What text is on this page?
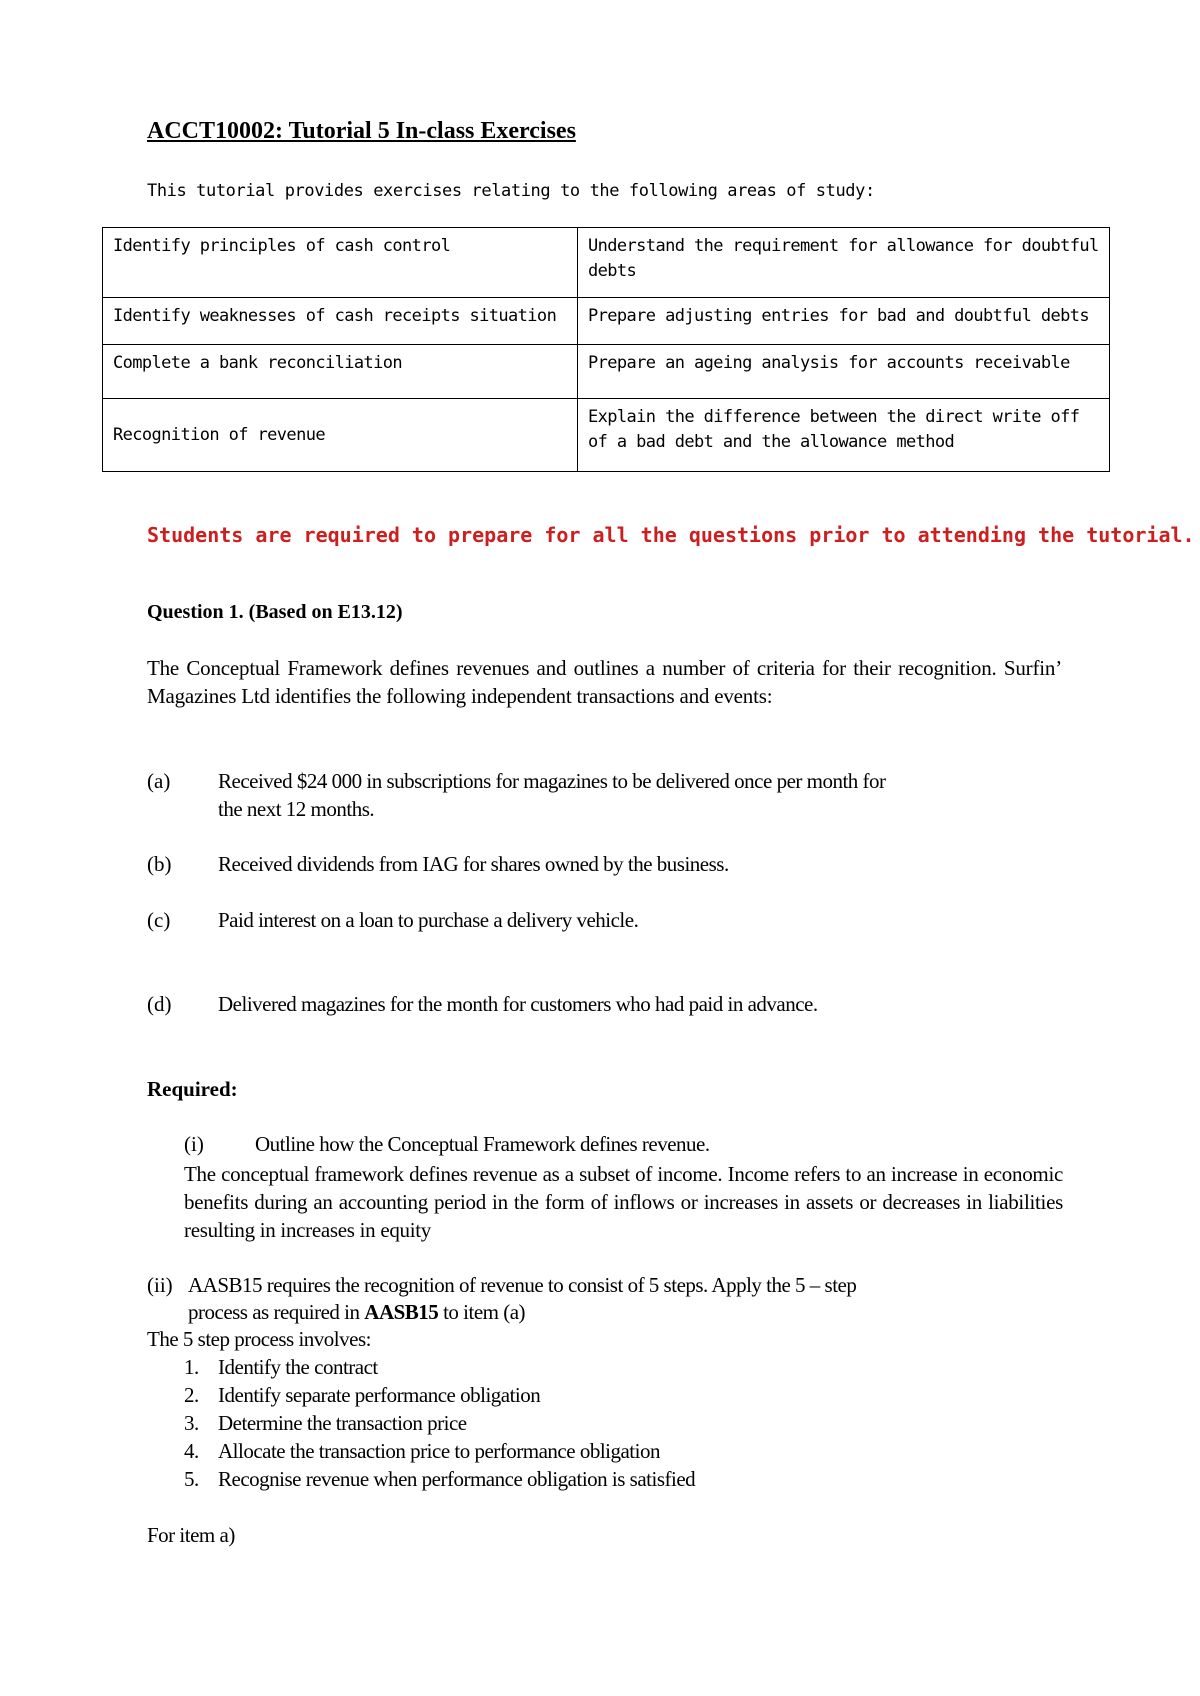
ACCT10002: Tutorial 5 In-class Exercises
This tutorial provides exercises relating to the following areas of study:
Identify principles of cash control	Understand the requirement for allowance for doubtful debts
Identify weaknesses of cash receipts situation	Prepare adjusting entries for bad and doubtful debts
Complete a bank reconciliation	Prepare an ageing analysis for accounts receivable
Recognition of revenue	Explain the difference between the direct write off of a bad debt and the allowance method
Students are required to prepare for all the questions prior to attending the tutorial.
Question 1. (Based on E13.12)
The Conceptual Framework defines revenues and outlines a number of criteria for their recognition. Surfin’ Magazines Ltd identifies the following independent transactions and events:
(a) Received $24 000 in subscriptions for magazines to be delivered once per month for
the next 12 months.
(b) Received dividends from IAG for shares owned by the business.
(c) Paid interest on a loan to purchase a delivery vehicle.
(d) Delivered magazines for the month for customers who had paid in advance.
Required:
(i) Outline how the Conceptual Framework defines revenue.
The conceptual framework defines revenue as a subset of income. Income refers to an increase in economic benefits during an accounting period in the form of inflows or increases in assets or decreases in liabilities resulting in increases in equity
(ii) AASB15 requires the recognition of revenue to consist of 5 steps. Apply the 5 – step
process as required in AASB15 to item (a)
The 5 step process involves:
1. Identify the contract
2. Identify separate performance obligation
3. Determine the transaction price
4. Allocate the transaction price to performance obligation
5. Recognise revenue when performance obligation is satisfied
For item a)
